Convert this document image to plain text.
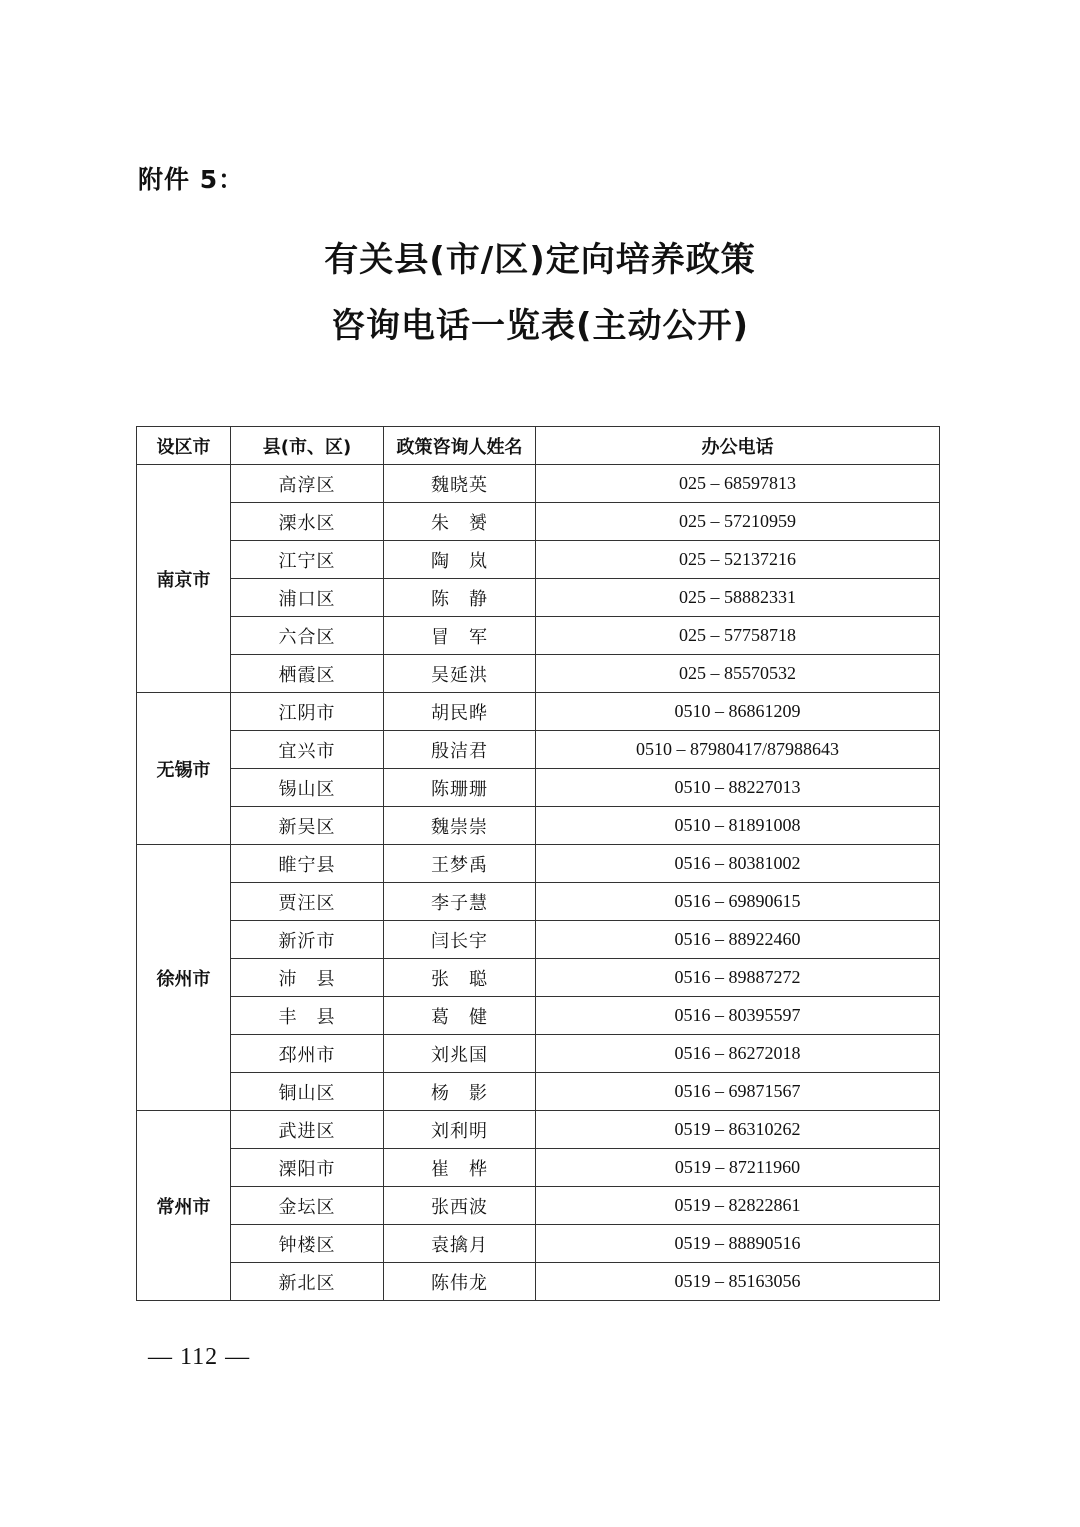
附件 5：
有关县(市/区)定向培养政策
咨询电话一览表(主动公开)
设区市	县(市、区)	政策咨询人姓名	办公电话
南京市	高淳区	魏晓英	025 – 68597813
	溧水区	朱　赟	025 – 57210959
	江宁区	陶　岚	025 – 52137216
	浦口区	陈　静	025 – 58882331
	六合区	冒　军	025 – 57758718
	栖霞区	吴延洪	025 – 85570532
无锡市	江阴市	胡民晔	0510 – 86861209
	宜兴市	殷洁君	0510 – 87980417/87988643
	锡山区	陈珊珊	0510 – 88227013
	新吴区	魏崇崇	0510 – 81891008
徐州市	睢宁县	王梦禹	0516 – 80381002
	贾汪区	李子慧	0516 – 69890615
	新沂市	闫长宇	0516 – 88922460
	沛　县	张　聪	0516 – 89887272
	丰　县	葛　健	0516 – 80395597
	邳州市	刘兆国	0516 – 86272018
	铜山区	杨　影	0516 – 69871567
常州市	武进区	刘利明	0519 – 86310262
	溧阳市	崔　桦	0519 – 87211960
	金坛区	张西波	0519 – 82822861
	钟楼区	袁擒月	0519 – 88890516
	新北区	陈伟龙	0519 – 85163056
— 112 —
